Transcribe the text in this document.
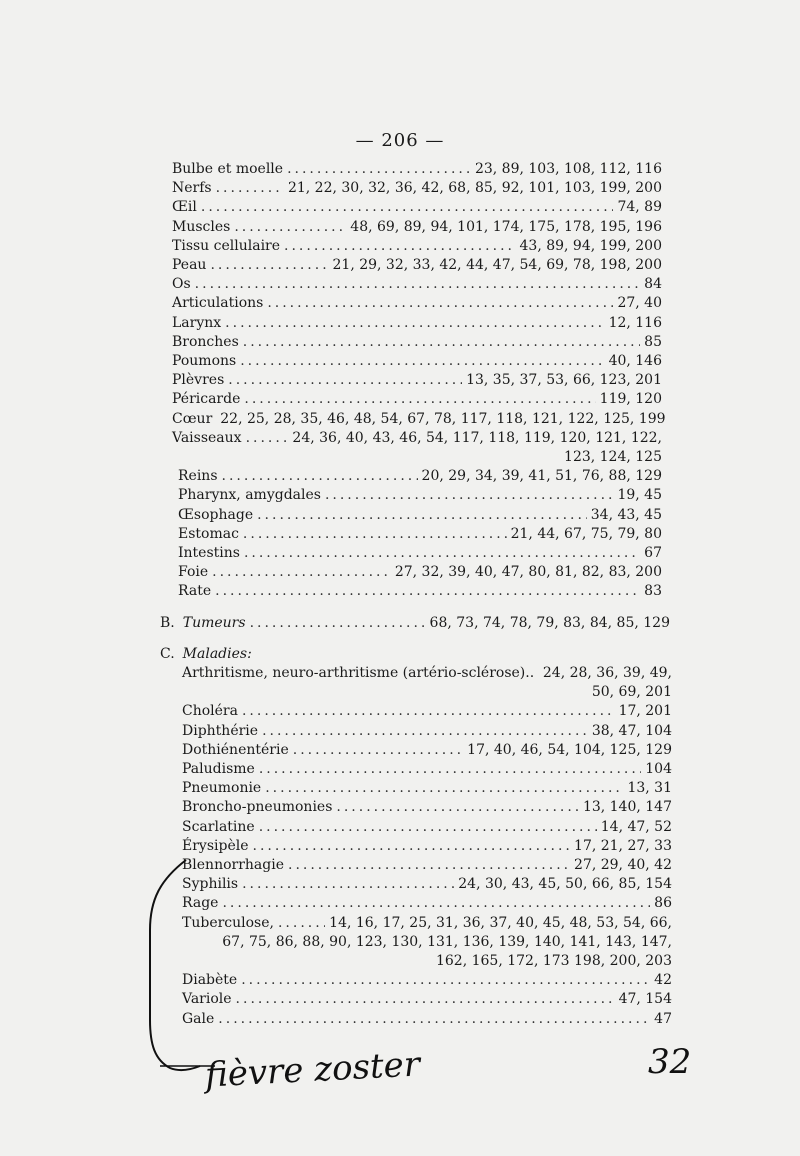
— 206 —
Bulbe et moelle .....	23, 89, 103, 108, 112, 116
Nerfs .....	21, 22, 30, 32, 36, 42, 68, 85, 92, 101, 103, 199, 200
Œil .....	74, 89
Muscles .....	48, 69, 89, 94, 101, 174, 175, 178, 195, 196
Tissu cellulaire .....	43, 89, 94, 199, 200
Peau .....	21, 29, 32, 33, 42, 44, 47, 54, 69, 78, 198, 200
Os .....	84
Articulations .....	27, 40
Larynx .....	12, 116
Bronches .....	85
Poumons .....	40, 146
Plèvres .....	13, 35, 37, 53, 66, 123, 201
Péricarde .....	119, 120
Cœur 22, 25, 28, 35, 46, 48, 54, 67, 78, 117, 118, 121, 122, 125, 199
Vaisseaux .....	24, 36, 40, 43, 46, 54, 117, 118, 119, 120, 121, 122,
123, 124, 125
Reins .....	20, 29, 34, 39, 41, 51, 76, 88, 129
Pharynx, amygdales .....	19, 45
Œsophage .....	34, 43, 45
Estomac .....	21, 44, 67, 75, 79, 80
Intestins .....	67
Foie .....	27, 32, 39, 40, 47, 80, 81, 82, 83, 200
Rate .....	83
B. Tumeurs .....	68, 73, 74, 78, 79, 83, 84, 85, 129
C. Maladies:
Arthritisme, neuro-arthritisme (artério-sclérose).. ..... 24, 28, 36, 39, 49,
50, 69, 201
Choléra .....	17, 201
Diphthérie .....	38, 47, 104
Dothiénentérie .....	17, 40, 46, 54, 104, 125, 129
Paludisme .....	104
Pneumonie .....	13, 31
Broncho-pneumonies .....	13, 140, 147
Scarlatine .....	14, 47, 52
Érysipèle .....	17, 21, 27, 33
Blennorrhagie .....	27, 29, 40, 42
Syphilis .....	24, 30, 43, 45, 50, 66, 85, 154
Rage .....	86
Tuberculose, .....	14, 16, 17, 25, 31, 36, 37, 40, 45, 48, 53, 54, 66,
67, 75, 86, 88, 90, 123, 130, 131, 136, 139, 140, 141, 143, 147,
162, 165, 172, 173 198, 200, 203
Diabète .....	42
Variole .....	47, 154
Gale .....	47
fièvre zoster	32
